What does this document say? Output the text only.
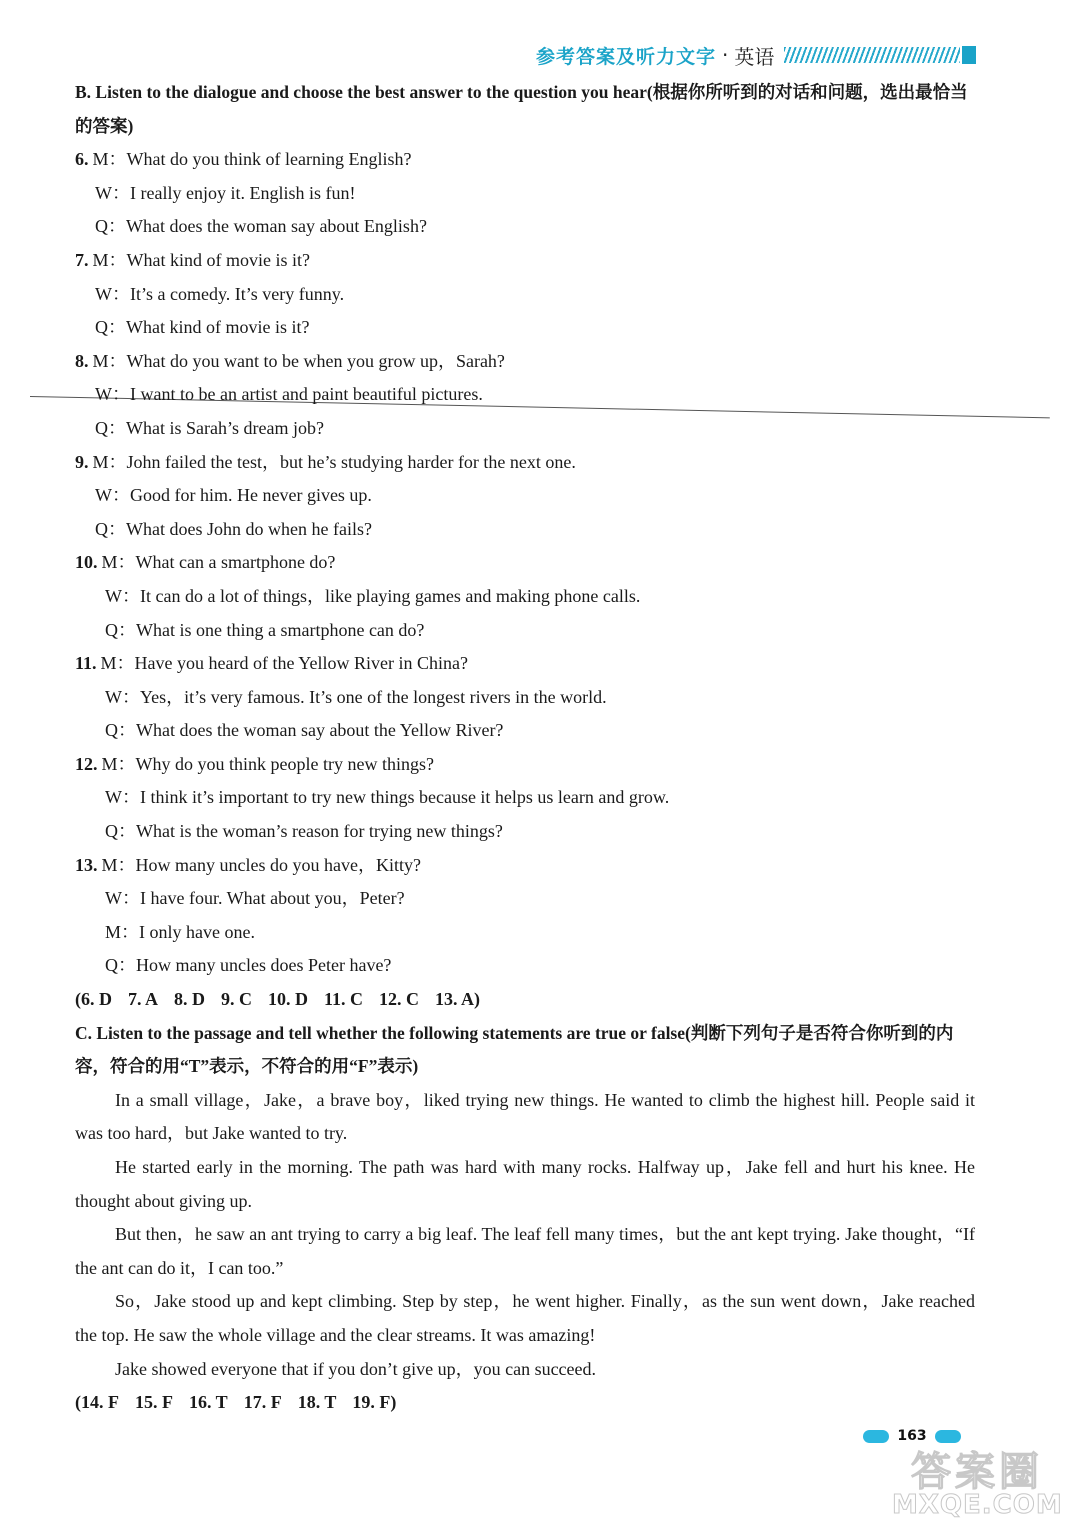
参考答案及听力文字 · 英语
B. Listen to the dialogue and choose the best answer to the question you hear(根据你所听到的对话和问题，选出最恰当的答案)
6. M：What do you think of learning English?
W：I really enjoy it. English is fun!
Q：What does the woman say about English?
7. M：What kind of movie is it?
W：It’s a comedy. It’s very funny.
Q：What kind of movie is it?
8. M：What do you want to be when you grow up，Sarah?
W：I want to be an artist and paint beautiful pictures.
Q：What is Sarah’s dream job?
9. M：John failed the test，but he’s studying harder for the next one.
W：Good for him. He never gives up.
Q：What does John do when he fails?
10. M：What can a smartphone do?
W：It can do a lot of things，like playing games and making phone calls.
Q：What is one thing a smartphone can do?
11. M：Have you heard of the Yellow River in China?
W：Yes，it’s very famous. It’s one of the longest rivers in the world.
Q：What does the woman say about the Yellow River?
12. M：Why do you think people try new things?
W：I think it’s important to try new things because it helps us learn and grow.
Q：What is the woman’s reason for trying new things?
13. M：How many uncles do you have，Kitty?
W：I have four. What about you，Peter?
M：I only have one.
Q：How many uncles does Peter have?
(6. D 7. A 8. D 9. C 10. D 11. C 12. C 13. A)
C. Listen to the passage and tell whether the following statements are true or false(判断下列句子是否符合你听到的内容，符合的用“T”表示，不符合的用“F”表示)
In a small village，Jake，a brave boy，liked trying new things. He wanted to climb the highest hill. People said it was too hard，but Jake wanted to try.
He started early in the morning. The path was hard with many rocks. Halfway up，Jake fell and hurt his knee. He thought about giving up.
But then，he saw an ant trying to carry a big leaf. The leaf fell many times，but the ant kept trying. Jake thought，“If the ant can do it，I can too.”
So，Jake stood up and kept climbing. Step by step，he went higher. Finally，as the sun went down，Jake reached the top. He saw the whole village and the clear streams. It was amazing!
Jake showed everyone that if you don’t give up，you can succeed.
(14. F 15. F 16. T 17. F 18. T 19. F)
163
答案圈
MXQE.COM
